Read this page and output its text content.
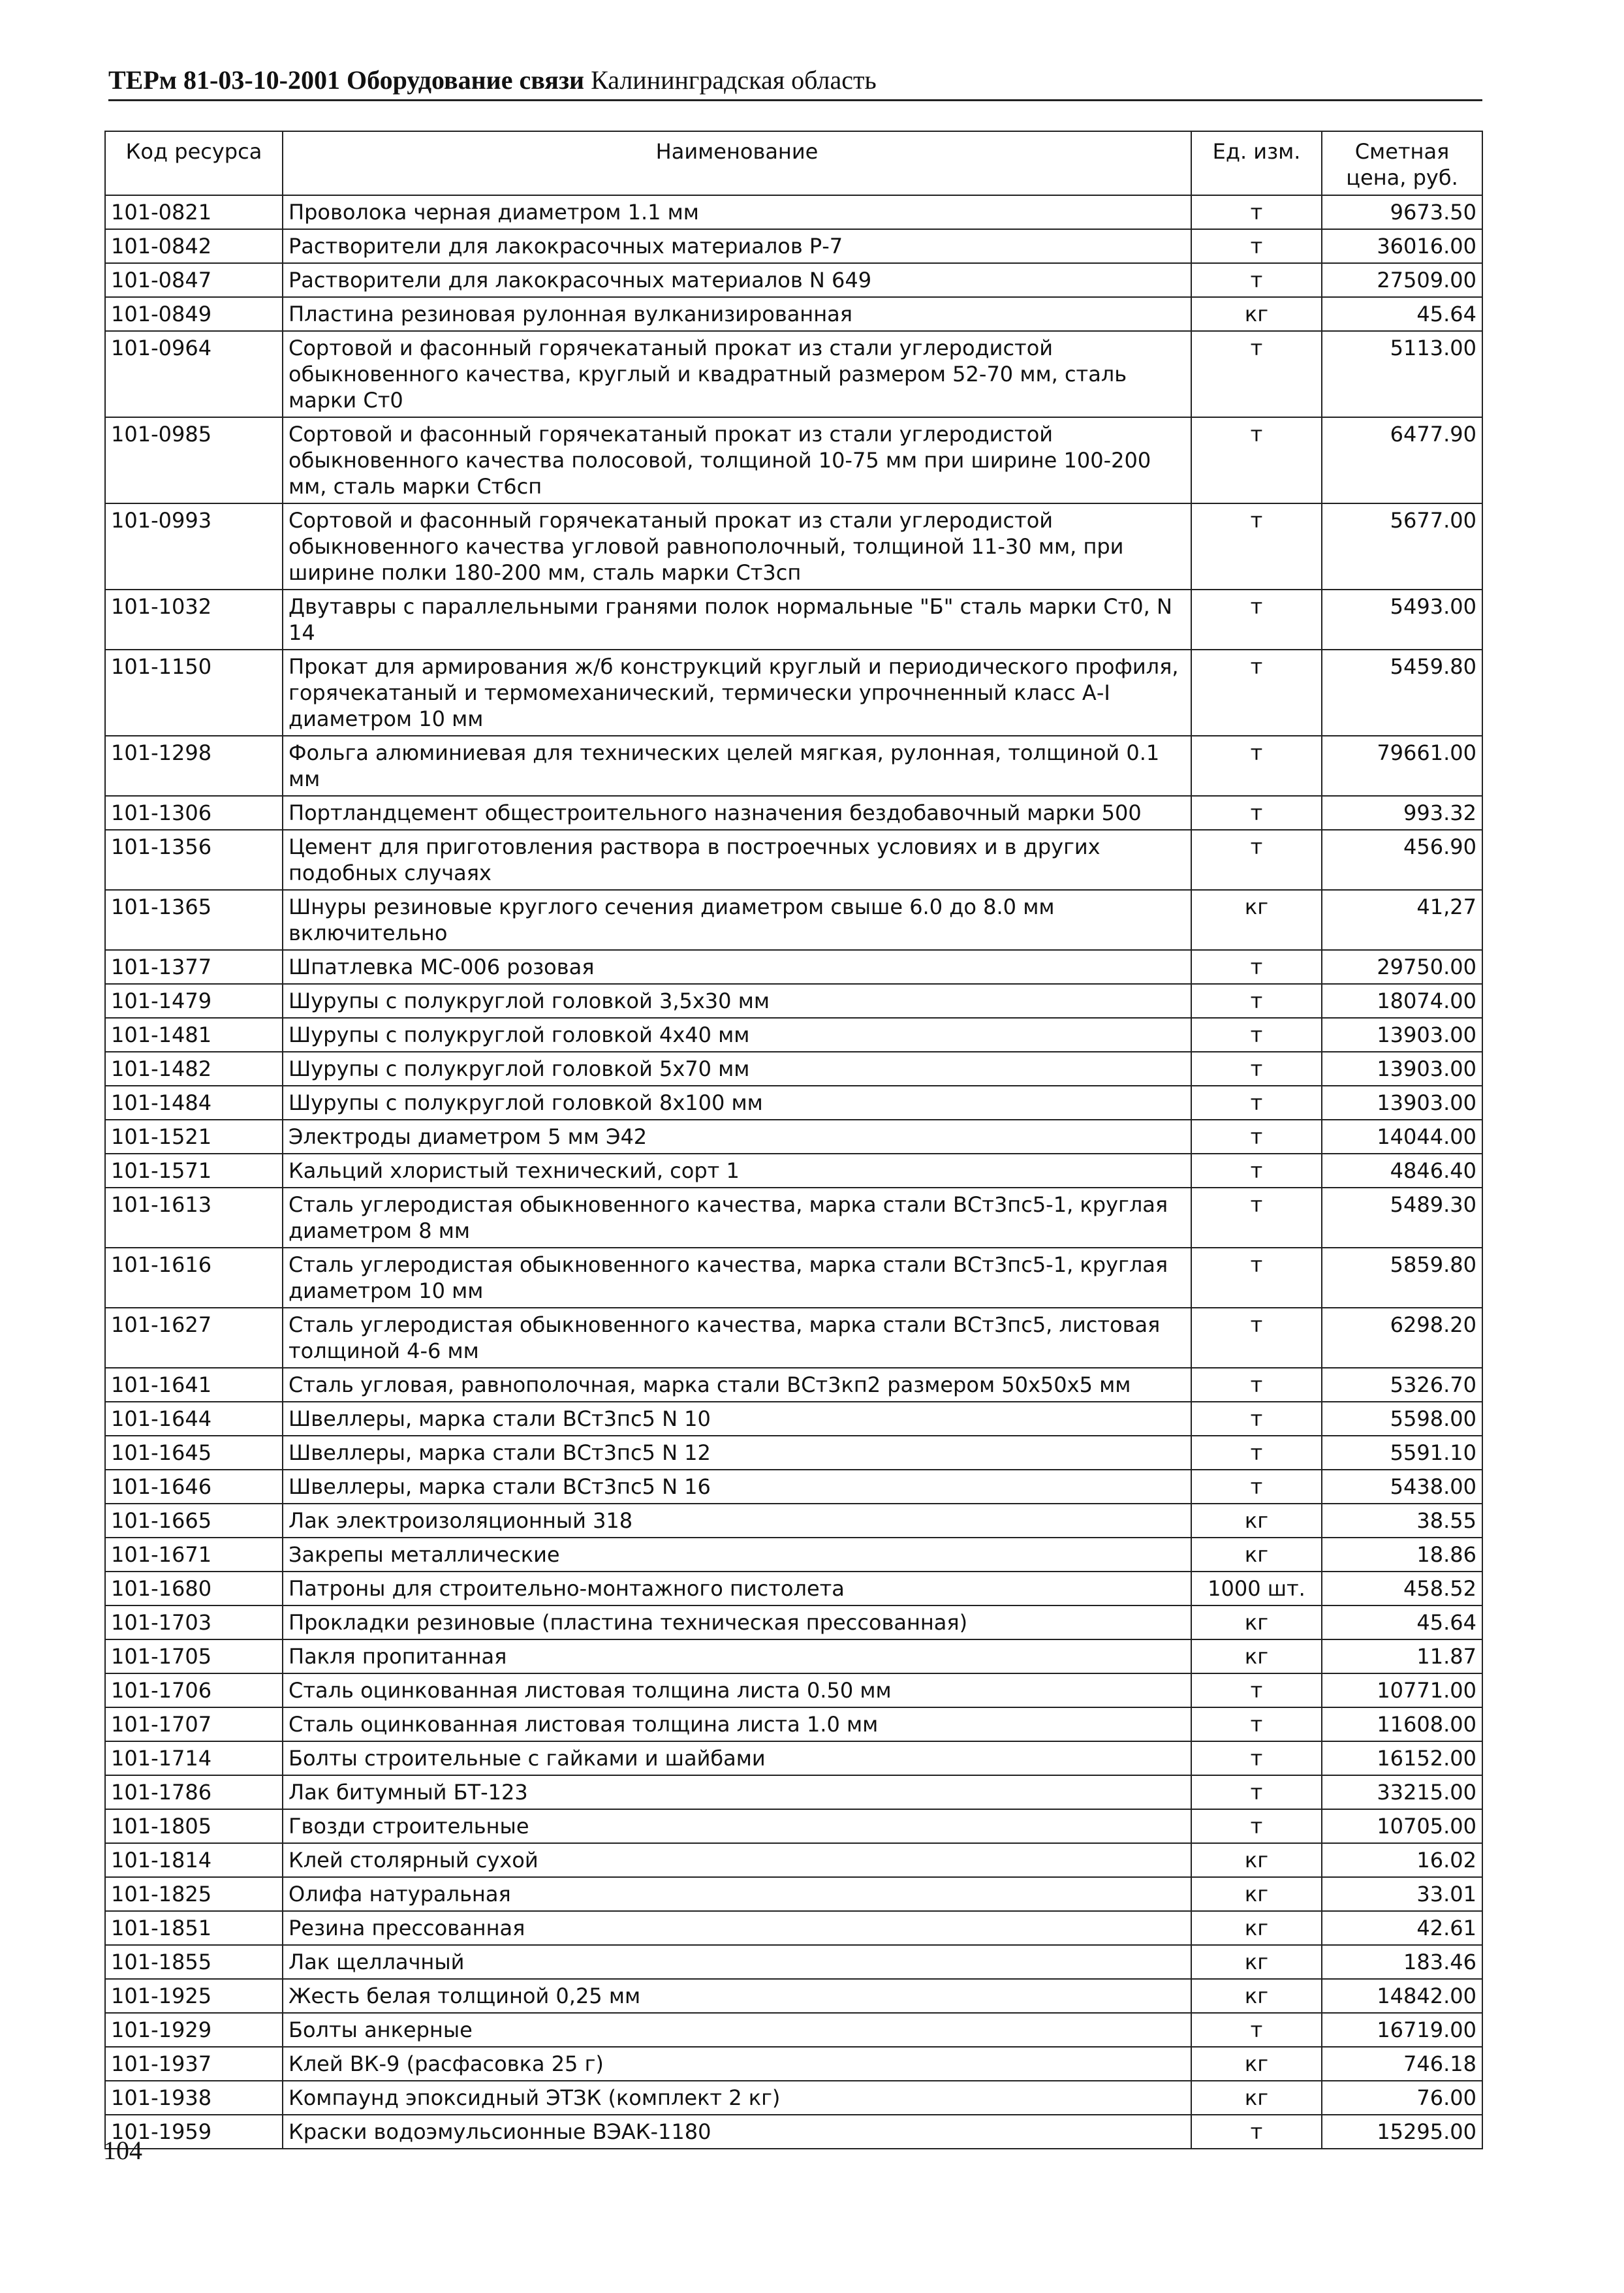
ТЕРм 81-03-10-2001 Оборудование связи Калининградская область
Код ресурса	Наименование	Ед. изм.	Сметная цена, руб.
101-0821	Проволока черная диаметром 1.1 мм	т	9673.50
101-0842	Растворители для лакокрасочных материалов Р-7	т	36016.00
101-0847	Растворители для лакокрасочных материалов N 649	т	27509.00
101-0849	Пластина резиновая рулонная вулканизированная	кг	45.64
101-0964	Сортовой и фасонный горячекатаный прокат из стали углеродистой обыкновенного качества, круглый и квадратный размером 52-70 мм, сталь марки Ст0	т	5113.00
101-0985	Сортовой и фасонный горячекатаный прокат из стали углеродистой обыкновенного качества полосовой, толщиной 10-75 мм при ширине 100-200 мм, сталь марки Ст6сп	т	6477.90
101-0993	Сортовой и фасонный горячекатаный прокат из стали углеродистой обыкновенного качества угловой равнополочный, толщиной 11-30 мм, при ширине полки 180-200 мм, сталь марки Ст3сп	т	5677.00
101-1032	Двутавры с параллельными гранями полок нормальные "Б" сталь марки Ст0, N 14	т	5493.00
101-1150	Прокат для армирования ж/б конструкций круглый и периодического профиля, горячекатаный и термомеханический, термически упрочненный класс А-I диаметром 10 мм	т	5459.80
101-1298	Фольга алюминиевая для технических целей мягкая, рулонная, толщиной 0.1 мм	т	79661.00
101-1306	Портландцемент общестроительного назначения бездобавочный марки 500	т	993.32
101-1356	Цемент для приготовления раствора в построечных условиях и в других подобных случаях	т	456.90
101-1365	Шнуры резиновые круглого сечения диаметром свыше 6.0 до 8.0 мм включительно	кг	41,27
101-1377	Шпатлевка МС-006 розовая	т	29750.00
101-1479	Шурупы с полукруглой головкой 3,5х30 мм	т	18074.00
101-1481	Шурупы с полукруглой головкой 4х40 мм	т	13903.00
101-1482	Шурупы с полукруглой головкой 5х70 мм	т	13903.00
101-1484	Шурупы с полукруглой головкой 8х100 мм	т	13903.00
101-1521	Электроды диаметром 5 мм Э42	т	14044.00
101-1571	Кальций хлористый технический, сорт 1	т	4846.40
101-1613	Сталь углеродистая обыкновенного качества, марка стали ВСт3пс5-1, круглая диаметром 8 мм	т	5489.30
101-1616	Сталь углеродистая обыкновенного качества, марка стали ВСт3пс5-1, круглая диаметром 10 мм	т	5859.80
101-1627	Сталь углеродистая обыкновенного качества, марка стали ВСт3пс5, листовая толщиной 4-6 мм	т	6298.20
101-1641	Сталь угловая, равнополочная, марка стали ВСт3кп2 размером 50х50х5 мм	т	5326.70
101-1644	Швеллеры, марка стали ВСт3пс5 N 10	т	5598.00
101-1645	Швеллеры, марка стали ВСт3пс5 N 12	т	5591.10
101-1646	Швеллеры, марка стали ВСт3пс5 N 16	т	5438.00
101-1665	Лак электроизоляционный 318	кг	38.55
101-1671	Закрепы металлические	кг	18.86
101-1680	Патроны для строительно-монтажного пистолета	1000 шт.	458.52
101-1703	Прокладки резиновые (пластина техническая прессованная)	кг	45.64
101-1705	Пакля пропитанная	кг	11.87
101-1706	Сталь оцинкованная листовая толщина листа 0.50 мм	т	10771.00
101-1707	Сталь оцинкованная листовая толщина листа 1.0 мм	т	11608.00
101-1714	Болты строительные с гайками и шайбами	т	16152.00
101-1786	Лак битумный БТ-123	т	33215.00
101-1805	Гвозди строительные	т	10705.00
101-1814	Клей столярный сухой	кг	16.02
101-1825	Олифа натуральная	кг	33.01
101-1851	Резина прессованная	кг	42.61
101-1855	Лак щеллачный	кг	183.46
101-1925	Жесть белая толщиной 0,25 мм	кг	14842.00
101-1929	Болты анкерные	т	16719.00
101-1937	Клей ВК-9 (расфасовка 25 г)	кг	746.18
101-1938	Компаунд эпоксидный ЭТЗК (комплект 2 кг)	кг	76.00
101-1959	Краски водоэмульсионные ВЭАК-1180	т	15295.00
104
